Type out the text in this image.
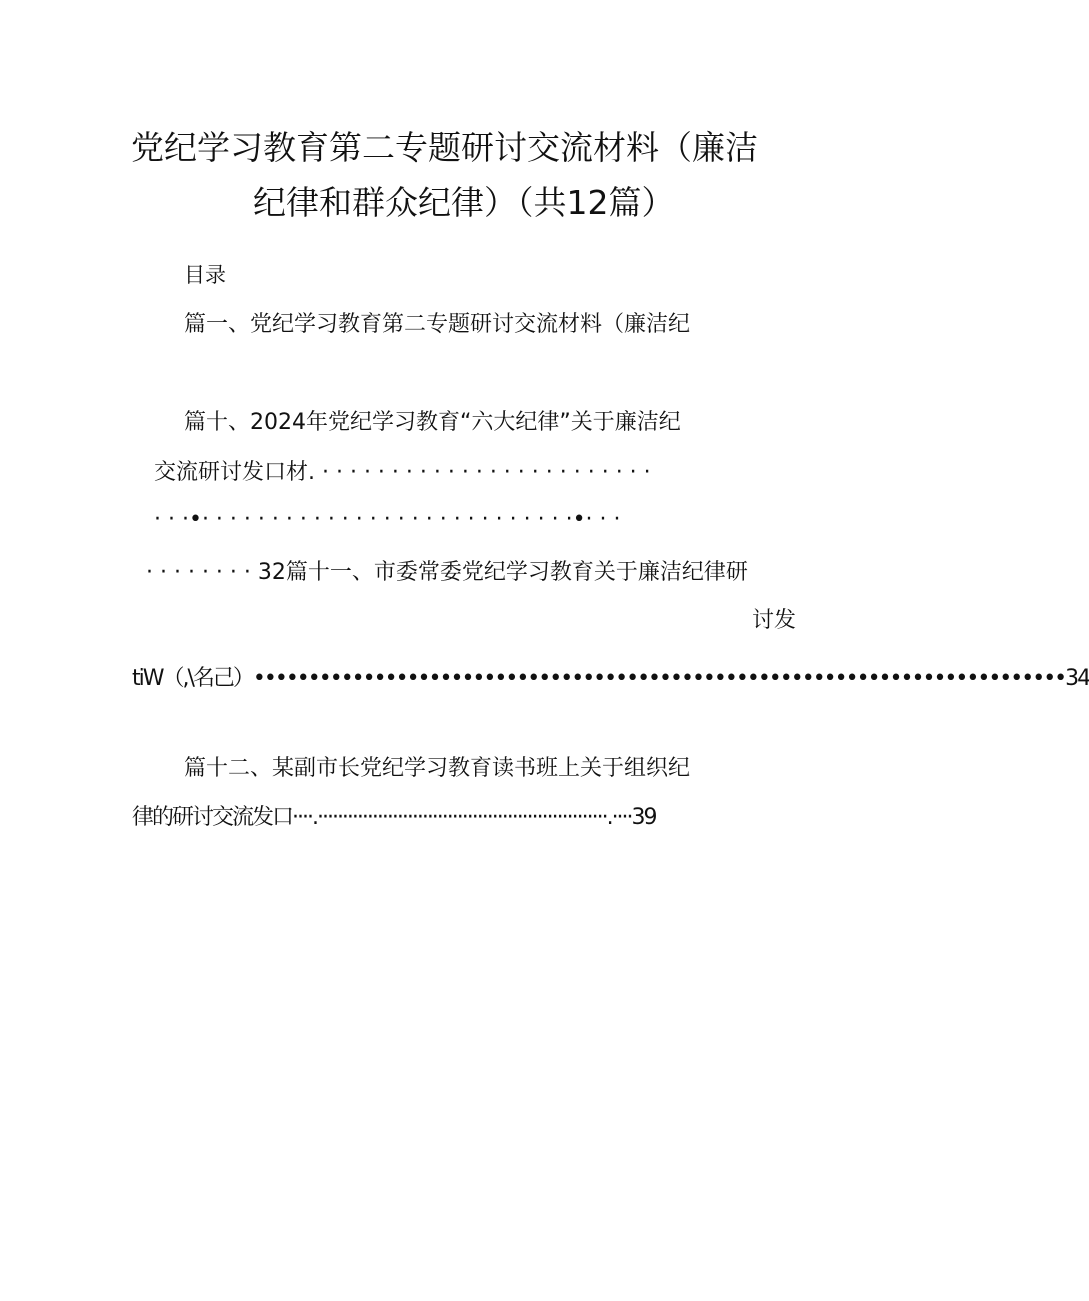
党纪学习教育第二专题研讨交流材料（廉洁
纪律和群众纪律）（共12篇）
目录
篇一、党纪学习教育第二专题研讨交流材料（廉洁纪
篇十、2024年党纪学习教育“六大纪律”关于廉洁纪
交流研讨发口材. · · · · · · · · · · · · · · · · · · · · · · · ·
· · ·•· · · · · · · · · · · · · · · · · · · · · · · · · · ·•· · ·
· · · · · · · · 32篇十一、市委常委党纪学习教育关于廉洁纪律研
讨发
tiW（,\名己）••••••••••••••••••••••••••••••••••••••••••••••••••••••••••••••••••••••••••34
篇十二、某副市长党纪学习教育读书班上关于组织纪
律的研讨交流发口····.··························································.····39
